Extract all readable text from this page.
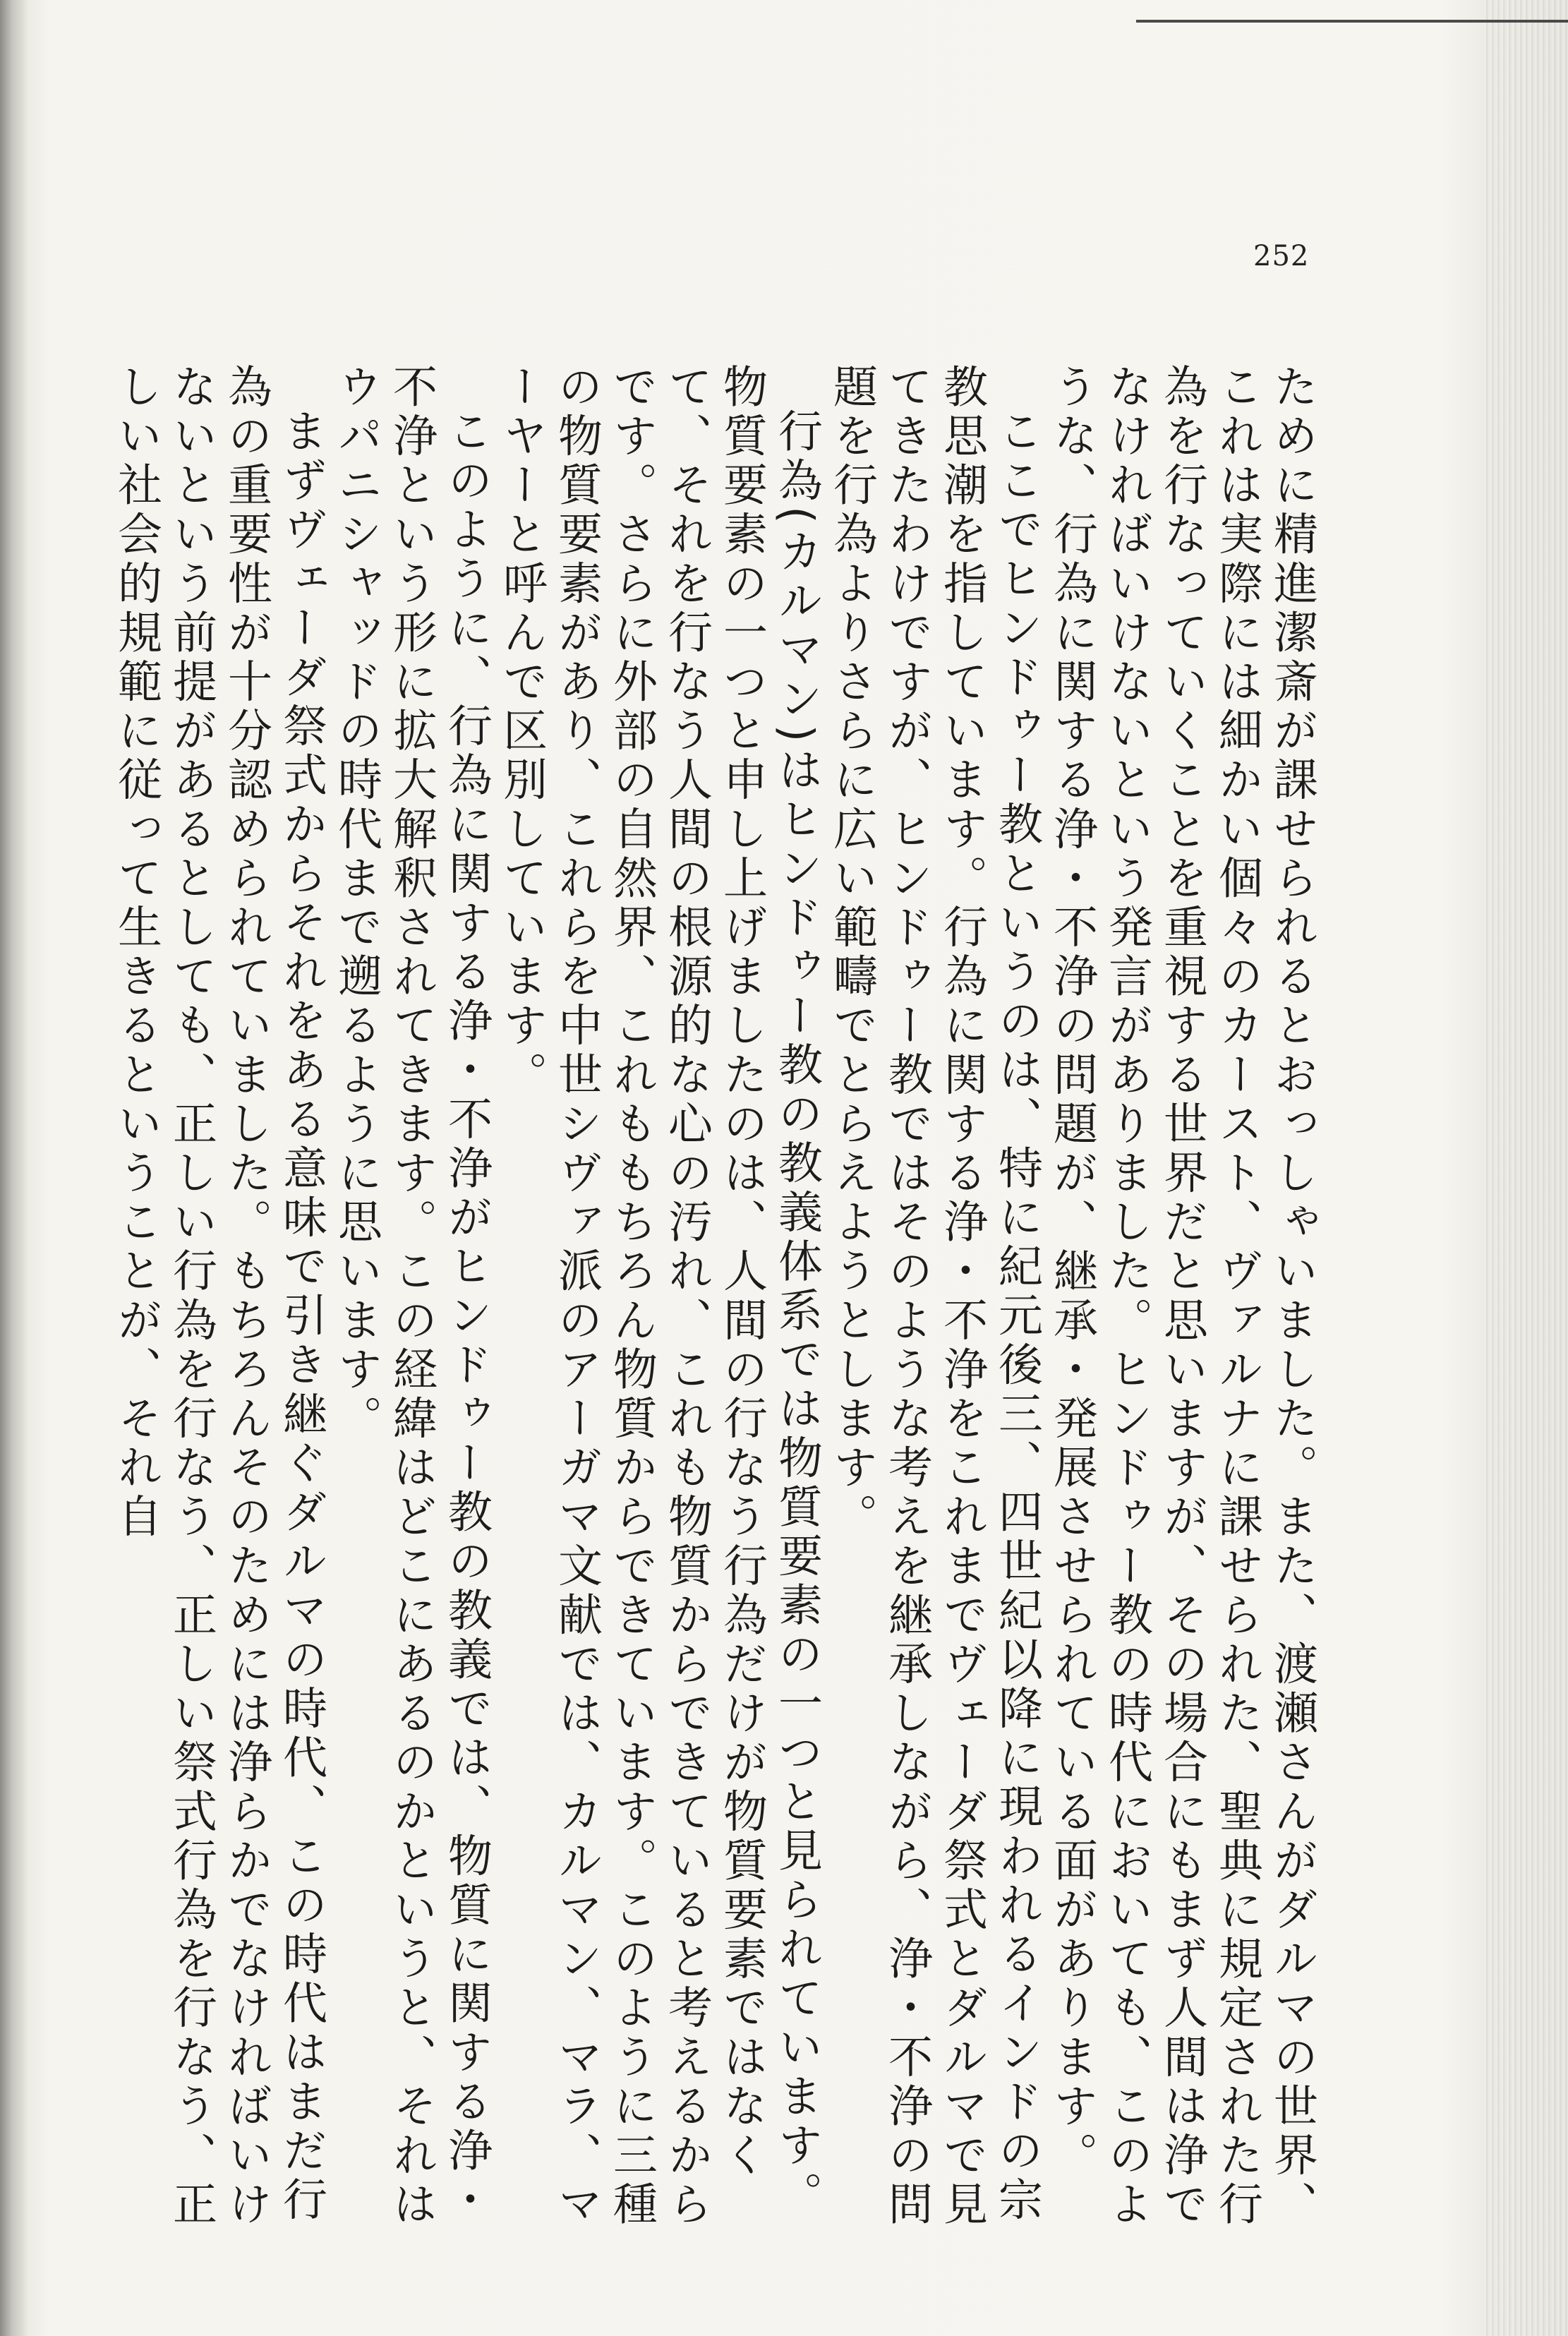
252

ために精進潔斎が課せられるとおっしゃいました。また、渡瀬さんがダルマの世界、これは実際には細かい個々のカースト、ヴァルナに課せられた、聖典に規定された行為を行なっていくことを重視する世界だと思いますが、その場合にもまず人間は浄でなければいけないという発言がありました。ヒンドゥー教の時代においても、このような、行為に関する浄・不浄の問題が、継承・発展させられている面があります。

ここでヒンドゥー教というのは、特に紀元後三、四世紀以降に現われるインドの宗教思潮を指しています。行為に関する浄・不浄をこれまでヴェーダ祭式とダルマで見てきたわけですが、ヒンドゥー教ではそのような考えを継承しながら、浄・不浄の問題を行為よりさらに広い範疇でとらえようとします。

行為(カルマン)はヒンドゥー教の教義体系では物質要素の一つと見られています。物質要素の一つと申し上げましたのは、人間の行なう行為だけが物質要素ではなくて、それを行なう人間の根源的な心の汚れ、これも物質からできていると考えるからです。さらに外部の自然界、これももちろん物質からできています。このように三種の物質要素があり、これらを中世シヴァ派のアーガマ文献では、カルマン、マラ、マーヤーと呼んで区別しています。

このように、行為に関する浄・不浄がヒンドゥー教の教義では、物質に関する浄・不浄という形に拡大解釈されてきます。この経緯はどこにあるのかというと、それはウパニシャッドの時代まで遡るように思います。

まずヴェーダ祭式からそれをある意味で引き継ぐダルマの時代、この時代はまだ行為の重要性が十分認められていました。もちろんそのためには浄らかでなければいけないという前提があるとしても、正しい行為を行なう、正しい祭式行為を行なう、正しい社会的規範に従って生きるということが、それ自
